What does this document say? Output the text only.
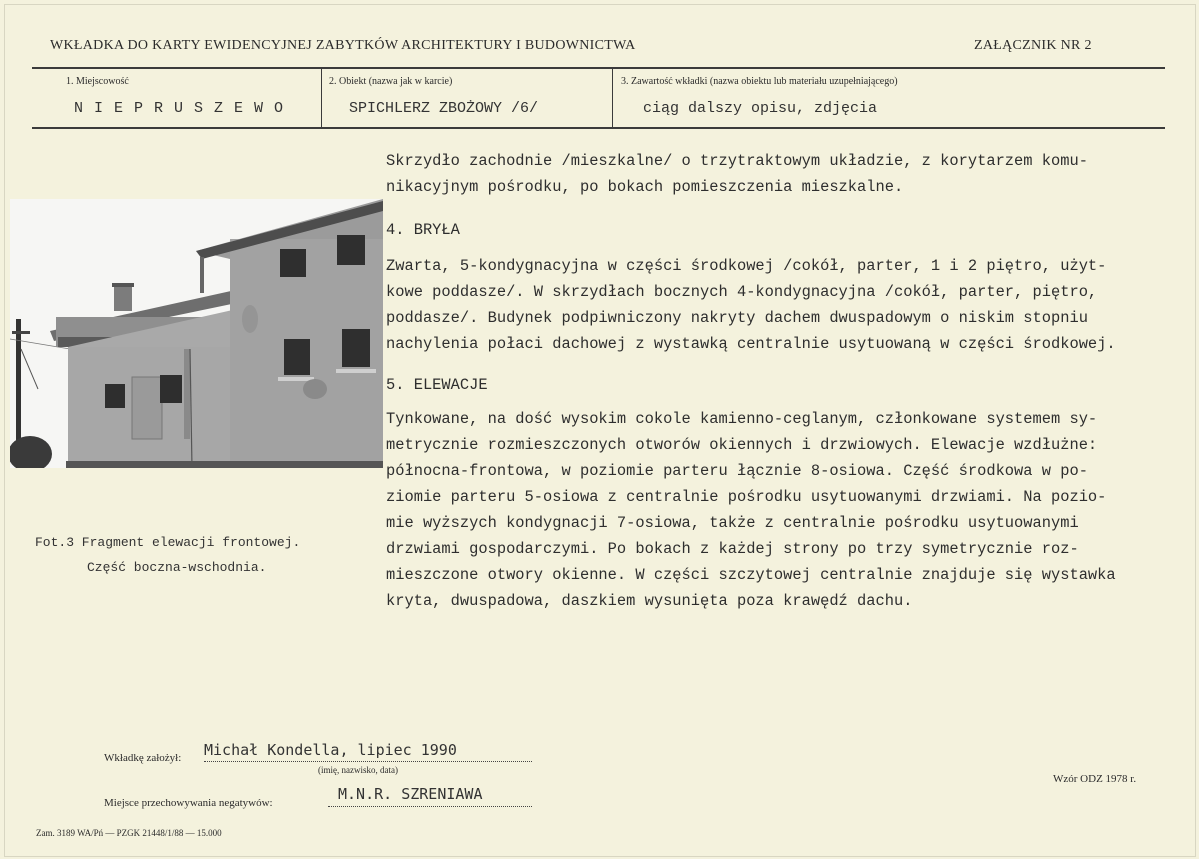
WKŁADKA DO KARTY EWIDENCYJNEJ ZABYTKÓW ARCHITEKTURY I BUDOWNICTWA	ZAŁĄCZNIK NR 2
1. Miejscowość
N I E P R U S Z E W O
2. Obiekt (nazwa jak w karcie)
SPICHLERZ ZBOŻOWY /6/
3. Zawartość wkładki (nazwa obiektu lub materiału uzupełniającego)
ciąg dalszy opisu, zdjęcia
Skrzydło zachodnie /mieszkalne/ o trzytraktowym układzie, z korytarzem komu-
nikacyjnym pośrodku, po bokach pomieszczenia mieszkalne.
4. BRYŁA
Zwarta, 5-kondygnacyjna w części środkowej /cokół, parter, 1 i 2 piętro, użyt-
kowe poddasze/. W skrzydłach bocznych 4-kondygnacyjna /cokół, parter, piętro,
poddasze/. Budynek podpiwniczony nakryty dachem dwuspadowym o niskim stopniu
nachylenia połaci dachowej z wystawką centralnie usytuowaną w części środkowej.
5. ELEWACJE
Tynkowane, na dość wysokim cokole kamienno-ceglanym, członkowane systemem sy-
metrycznie rozmieszczonych otworów okiennych i drzwiowych. Elewacje wzdłużne:
północna-frontowa, w poziomie parteru łącznie 8-osiowa. Część środkowa w po-
ziomie parteru 5-osiowa z centralnie pośrodku usytuowanymi drzwiami. Na pozio-
mie wyższych kondygnacji 7-osiowa, także z centralnie pośrodku usytuowanymi
drzwiami gospodarczymi. Po bokach z każdej strony po trzy symetrycznie roz-
mieszczone otwory okienne. W części szczytowej centralnie znajduje się wystawka
kryta, dwuspadowa, daszkiem wysunięta poza krawędź dachu.
Fot.3 Fragment elewacji frontowej.
Część boczna-wschodnia.
Wkładkę założył: Michał Kondella, lipiec 1990
(imię, nazwisko, data)
Miejsce przechowywania negatywów:	M.N.R. SZRENIAWA
Wzór ODZ 1978 r.
Zam. 3189 WA/Pń — PZGK 21448/1/88 — 15.000
